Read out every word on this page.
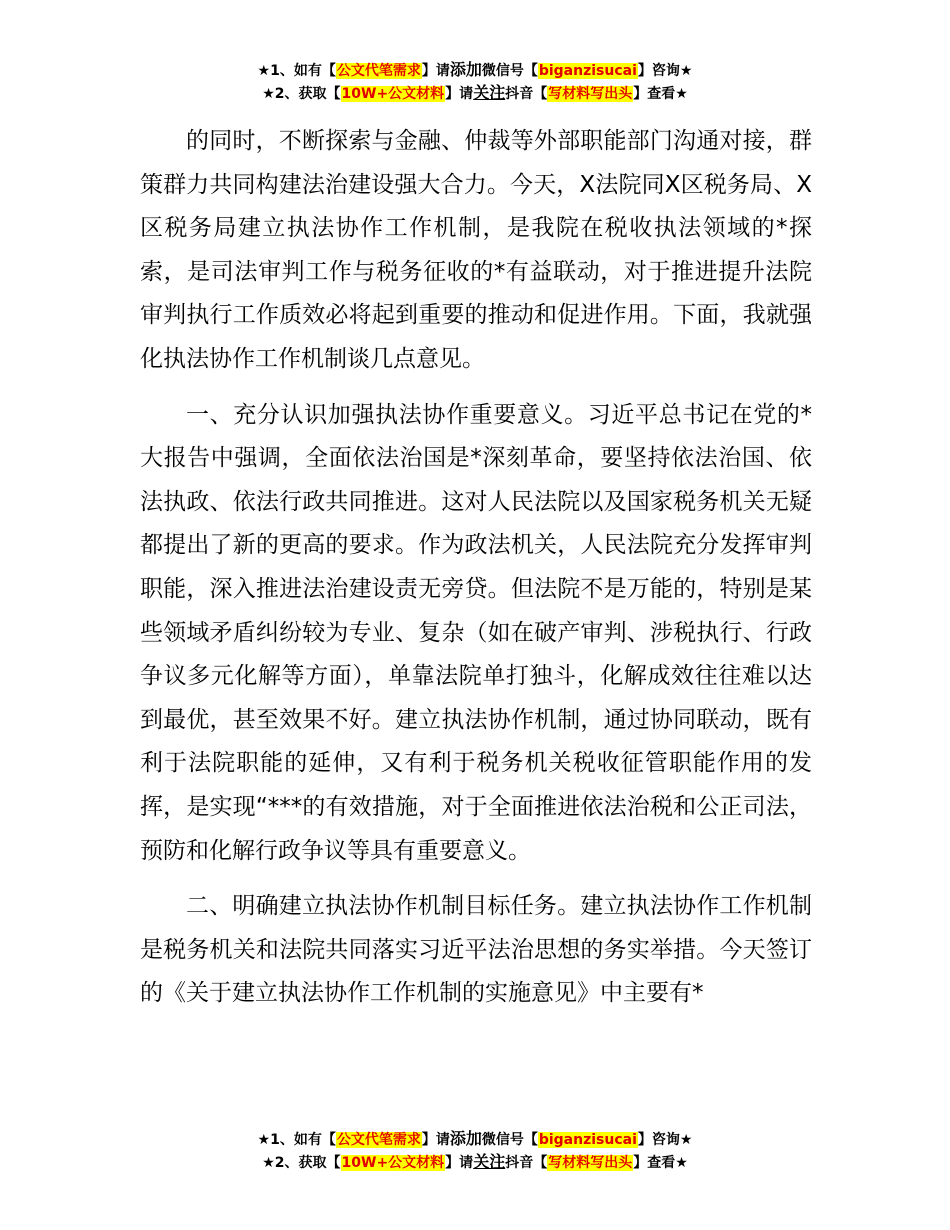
★1、如有【公文代笔需求】请添加微信号【biganzisucai】咨询★
★2、获取【10W+公文材料】请关注抖音【写材料写出头】查看★

的同时，不断探索与金融、仲裁等外部职能部门沟通对接，群策群力共同构建法治建设强大合力。今天，X法院同X区税务局、X区税务局建立执法协作工作机制，是我院在税收执法领域的*探索，是司法审判工作与税务征收的*有益联动，对于推进提升法院审判执行工作质效必将起到重要的推动和促进作用。下面，我就强化执法协作工作机制谈几点意见。

一、充分认识加强执法协作重要意义。习近平总书记在党的*大报告中强调，全面依法治国是*深刻革命，要坚持依法治国、依法执政、依法行政共同推进。这对人民法院以及国家税务机关无疑都提出了新的更高的要求。作为政法机关，人民法院充分发挥审判职能，深入推进法治建设责无旁贷。但法院不是万能的，特别是某些领域矛盾纠纷较为专业、复杂（如在破产审判、涉税执行、行政争议多元化解等方面），单靠法院单打独斗，化解成效往往难以达到最优，甚至效果不好。建立执法协作机制，通过协同联动，既有利于法院职能的延伸，又有利于税务机关税收征管职能作用的发挥，是实现“***的有效措施，对于全面推进依法治税和公正司法，预防和化解行政争议等具有重要意义。

二、明确建立执法协作机制目标任务。建立执法协作工作机制是税务机关和法院共同落实习近平法治思想的务实举措。今天签订的《关于建立执法协作工作机制的实施意见》中主要有*

★1、如有【公文代笔需求】请添加微信号【biganzisucai】咨询★
★2、获取【10W+公文材料】请关注抖音【写材料写出头】查看★
